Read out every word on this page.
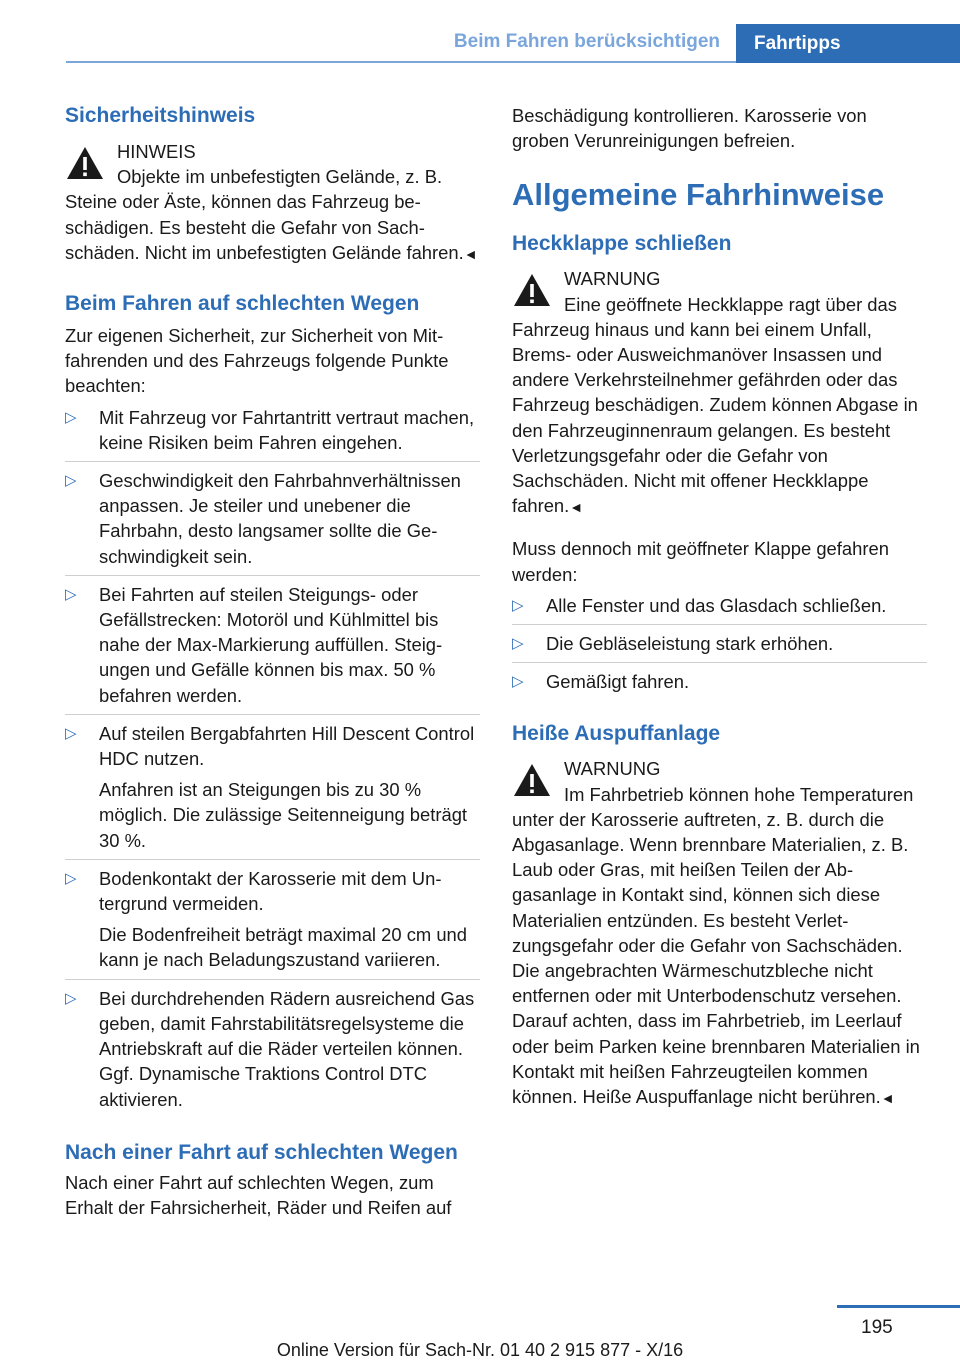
Beim Fahren berücksichtigen	Fahrtipps
Sicherheitshinweis

HINWEIS

Objekte im unbefestigten Gelände, z. B. Steine oder Äste, können das Fahrzeug beschädigen. Es besteht die Gefahr von Sachschäden. Nicht im unbefestigten Gelände fahren.◄

Beim Fahren auf schlechten Wegen

Zur eigenen Sicherheit, zur Sicherheit von Mitfahrenden und des Fahrzeugs folgende Punkte beachten:

▷ Mit Fahrzeug vor Fahrtantritt vertraut machen, keine Risiken beim Fahren eingehen.
▷ Geschwindigkeit den Fahrbahnverhältnissen anpassen. Je steiler und unebener die Fahrbahn, desto langsamer sollte die Geschwindigkeit sein.
▷ Bei Fahrten auf steilen Steigungs- oder Gefällstrecken: Motoröl und Kühlmittel bis nahe der Max-Markierung auffüllen. Steigungen und Gefälle können bis max. 50 % befahren werden.
▷ Auf steilen Bergabfahrten Hill Descent Control HDC nutzen.
Anfahren ist an Steigungen bis zu 30 % möglich. Die zulässige Seitenneigung beträgt 30 %.
▷ Bodenkontakt der Karosserie mit dem Untergrund vermeiden.
Die Bodenfreiheit beträgt maximal 20 cm und kann je nach Beladungszustand variieren.
▷ Bei durchdrehenden Rädern ausreichend Gas geben, damit Fahrstabilitätsregelsysteme die Antriebskraft auf die Räder verteilen können. Ggf. Dynamische Traktions Control DTC aktivieren.
Nach einer Fahrt auf schlechten Wegen

Nach einer Fahrt auf schlechten Wegen, zum Erhalt der Fahrsicherheit, Räder und Reifen auf

Beschädigung kontrollieren. Karosserie von groben Verunreinigungen befreien.

Allgemeine Fahrhinweise
Heckklappe schließen

WARNUNG

Eine geöffnete Heckklappe ragt über das Fahrzeug hinaus und kann bei einem Unfall, Brems- oder Ausweichmanöver Insassen und andere Verkehrsteilnehmer gefährden oder das Fahrzeug beschädigen. Zudem können Abgase in den Fahrzeuginnenraum gelangen. Es besteht Verletzungsgefahr oder die Gefahr von Sachschäden. Nicht mit offener Heckklappe fahren.◄

Muss dennoch mit geöffneter Klappe gefahren werden:

▷ Alle Fenster und das Glasdach schließen.
▷ Die Gebläseleistung stark erhöhen.
▷ Gemäßigt fahren.
Heiße Auspuffanlage

WARNUNG

Im Fahrbetrieb können hohe Temperaturen unter der Karosserie auftreten, z. B. durch die Abgasanlage. Wenn brennbare Materialien, z. B. Laub oder Gras, mit heißen Teilen der Abgasanlage in Kontakt sind, können sich diese Materialien entzünden. Es besteht Verletzungsgefahr oder die Gefahr von Sachschäden. Die angebrachten Wärmeschutzbleche nicht entfernen oder mit Unterbodenschutz versehen. Darauf achten, dass im Fahrbetrieb, im Leerlauf oder beim Parken keine brennbaren Materialien in Kontakt mit heißen Fahrzeugteilen kommen können. Heiße Auspuffanlage nicht berühren.◄

195
Online Version für Sach-Nr. 01 40 2 915 877 - X/16
